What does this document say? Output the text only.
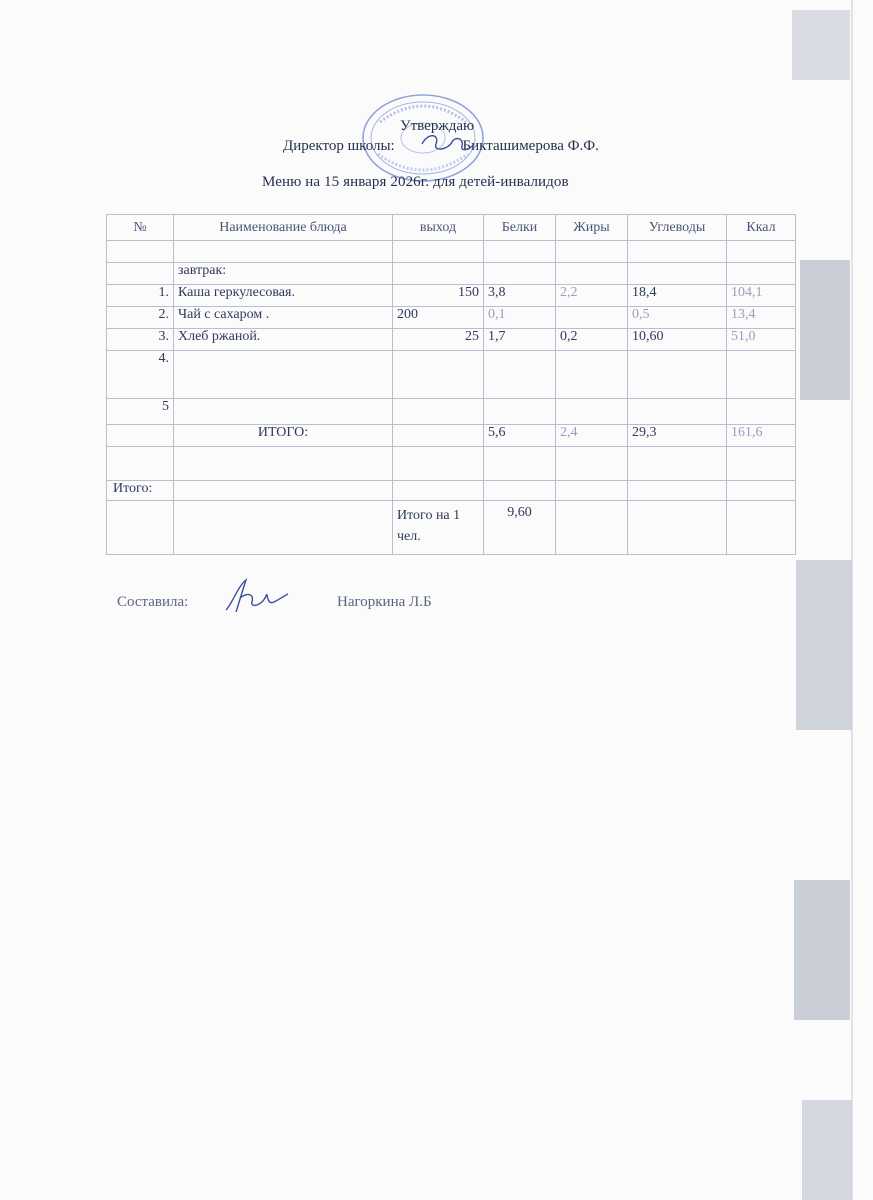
Утверждаю
Директор школы:	Бикташимерова Ф.Ф.
Меню на 15 января 2026г. для детей-инвалидов
№	Наименование блюда	выход	Белки	Жиры	Углеводы	Ккал

	завтрак:					
1.	Каша геркулесовая.	150	3,8	2,2	18,4	104,1
2.	Чай с сахаром .	200	0,1		0,5	13,4
3.	Хлеб ржаной.	25	1,7	0,2	10,60	51,0
4.						
5						
	ИТОГО:		5,6	2,4	29,3	161,6

Итого:						
		Итого на 1 чел.	9,60			
Составила:	Нагоркина Л.Б
